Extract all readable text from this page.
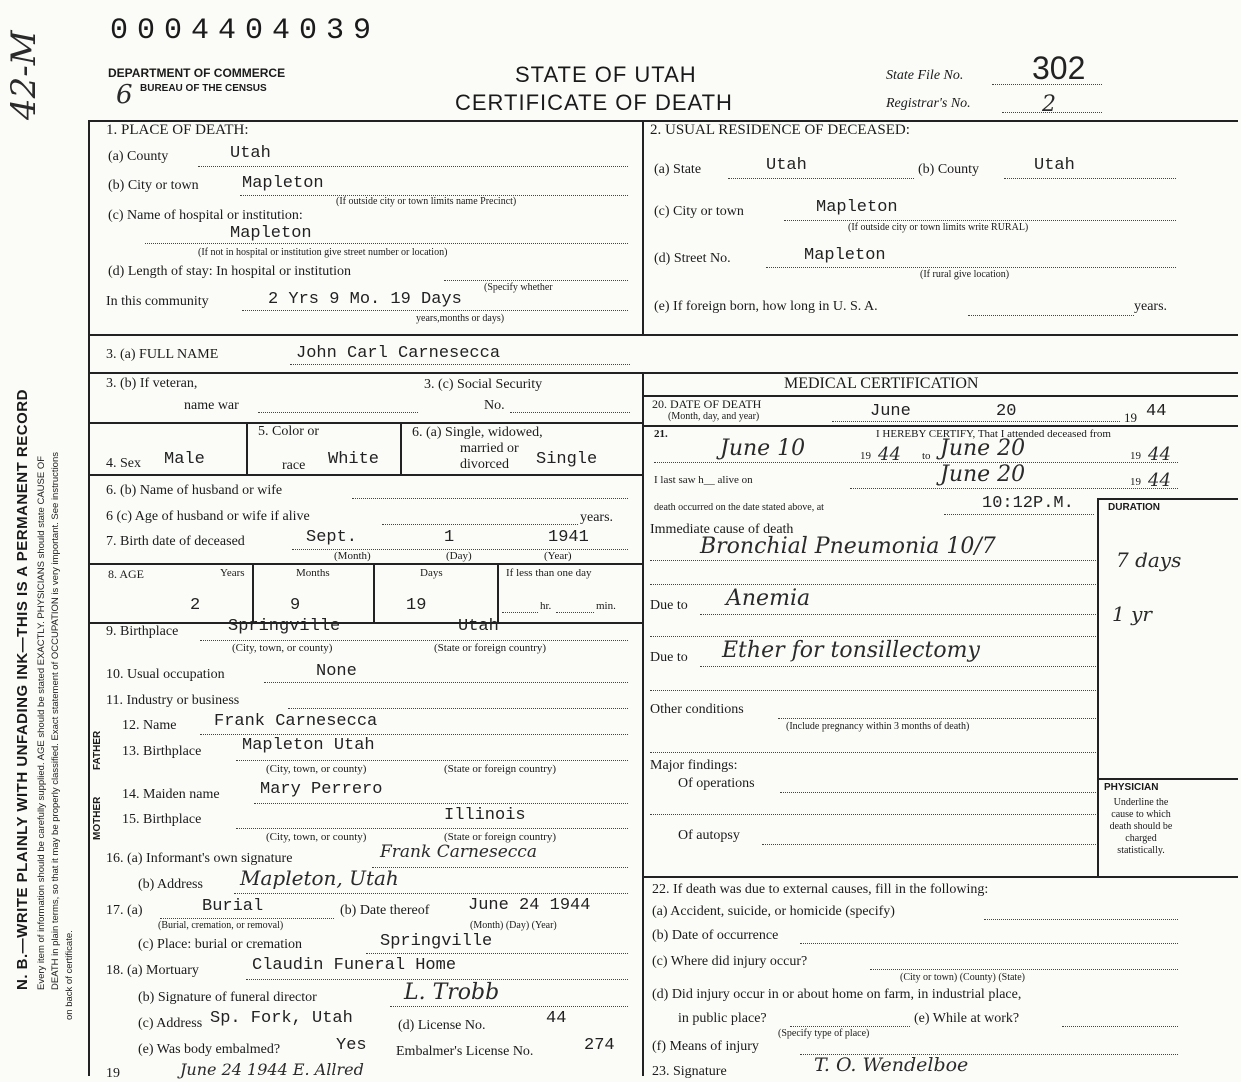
0004404039
42-M
N. B.—WRITE PLAINLY WITH UNFADING INK—THIS IS A PERMANENT RECORD Every item of information should be carefully supplied. AGE should be stated EXACTLY. PHYSICIANS should state CAUSE OF DEATH in plain terms, so that it may be properly classified. Exact statement of OCCUPATION is very important. See instructions on back of certificate.
DEPARTMENT OF COMMERCE
BUREAU OF THE CENSUS
6
STATE OF UTAH
CERTIFICATE OF DEATH
State File No. 302
Registrar's No.	2
1. PLACE OF DEATH:
(a) County	Utah
(b) City or town	Mapleton
(If outside city or town limits name Precinct)
(c) Name of hospital or institution:
Mapleton
(If not in hospital or institution give street number or location)
(d) Length of stay: In hospital or institution
(Specify whether
In this community	2 Yrs 9 Mo. 19 Days
years,months or days)
2. USUAL RESIDENCE OF DECEASED:
(a) State	Utah	(b) County	Utah
(c) City or town	Mapleton
(If outside city or town limits write RURAL)
(d) Street No.	Mapleton
(If rural give location)
(e) If foreign born, how long in U. S. A.	years.
3. (a) FULL NAME	John Carl Carnesecca
3. (b) If veteran,
name war
3. (c) Social Security
No.
4. Sex Male
5. Color or
race White
6. (a) Single, widowed,
married or
divorced Single
6. (b) Name of husband or wife
6 (c) Age of husband or wife if alive	years.
7. Birth date of deceased	Sept.	1	1941
(Month)	(Day)	(Year)
8. AGE	Years	Months	Days	If less than one day
2	9	19	hr.	min.
9. Birthplace	Springville	Utah
(City, town, or county)	(State or foreign country)
10. Usual occupation	None
11. Industry or business
FATHER
MOTHER
12. Name Frank Carnesecca
13. Birthplace Mapleton Utah
(City, town, or county)	(State or foreign country)
14. Maiden name Mary Perrero
15. Birthplace	Illinois
(City, town, or county)	(State or foreign country)
16. (a) Informant's own signature	Frank Carnesecca
(b) Address Mapleton, Utah
17. (a)	Burial
(Burial, cremation, or removal)
(b) Date thereof June 24 1944
(Month) (Day) (Year)
(c) Place: burial or cremation	Springville
18. (a) Mortuary	Claudin Funeral Home
(b) Signature of funeral director	L. Trobb
(c) Address Sp. Fork, Utah	(d) License No.	44
(e) Was body embalmed?	Yes Embalmer's License No.	274
19	June 24 1944 E. Allred
MEDICAL CERTIFICATION
20. DATE OF DEATH
(Month, day, and year)	June	20	19 44
21.	I HEREBY CERTIFY, That I attended deceased from
June 10	19 44 to June 20	19 44
I last saw h__ alive on	June 20	19 44
death occurred on the date stated above, at	10:12P.M.	DURATION
Immediate cause of death
Bronchial Pneumonia 10/7
7 days
Due to Anemia
1 yr
Due to Ether for tonsillectomy
Other conditions
(Include pregnancy within 3 months of death)
Major findings:
Of operations
Of autopsy
PHYSICIAN
Underline the cause to which death should be charged statistically.
22. If death was due to external causes, fill in the following:
(a) Accident, suicide, or homicide (specify)
(b) Date of occurrence
(c) Where did injury occur?
(City or town) (County) (State)
(d) Did injury occur in or about home on farm, in industrial place,
in public place?
(Specify type of place)
(e) While at work?
(f) Means of injury
23. Signature	T. O. Wendelboe
